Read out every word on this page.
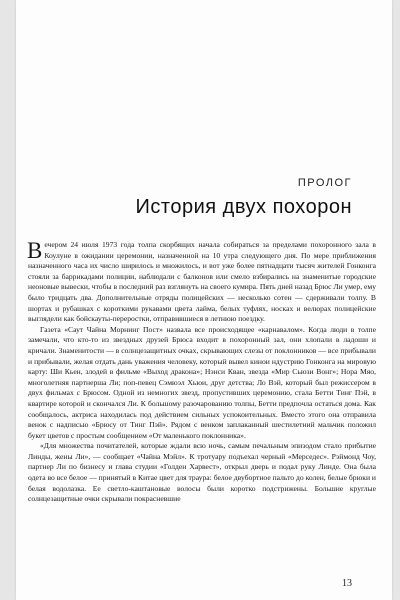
ПРОЛОГ
История двух похорон

Вечером 24 июля 1973 года толпа скорбящих начала собираться за пределами похоронного зала в Коулуне в ожидании церемонии, назначенной на 10 утра следующего дня. По мере приближения назначенного часа их число ширилось и множилось, и вот уже более пятнадцати тысяч жителей Гонконга стояли за баррикадами полиции, наблюдали с балконов или смело взбирались на знаменитые городские неоновые вывески, чтобы в последний раз взглянуть на своего кумира. Пять дней назад Брюс Ли умер, ему было тридцать два. Дополнительные отряды полицейских — несколько сотен — сдерживали толпу. В шортах и рубашках с короткими рукавами цвета лайма, белых туфлях, носках и велюрах полицейские выглядели как бойскауты-переростки, отправившиеся в летнюю поездку.

Газета «Саут Чайна Морнинг Пост» назвала все происходящее «карнавалом». Когда люди в толпе замечали, что кто-то из звездных друзей Брюса входит в похоронный зал, они хлопали в ладоши и кричали. Знаменитости — в солнцезащитных очках, скрывающих слезы от поклонников — все прибывали и прибывали, желая отдать дань уважения человеку, который вывел кинои ндустрию Гонконга на мировую карту: Ши Кьен, злодей в фильме «Выход дракона»; Нэнси Кван, звезда «Мир Сьюзи Вонг»; Нора Мяо, многолетняя партнерша Ли; поп-певец Сэмюэл Хьюи, друг детства; Ло Вэй, который был режиссером в двух фильмах с Брюсом. Одной из немногих звезд, пропустивших церемонию, стала Бетти Тинг Пэй, в квартире которой и скончался Ли. К большому разочарованию толпы, Бетти предпочла остаться дома. Как сообщалось, актриса находилась под действием сильных успокоительных. Вместо этого она отправила венок с надписью «Брюсу от Тинг Пэй». Рядом с венком заплаканный шестилетний мальчик положил букет цветов с простым сообщением «От маленького поклонника».

«Для множества почитателей, которые ждали всю ночь, самым печальным эпизодом стало прибытие Линды, жены Ли», — сообщает «Чайна Мэйл». К тротуару подъехал черный «Мерседес». Рэймонд Чоу, партнер Ли по бизнесу и глава студии «Голден Харвест», открыл дверь и подал руку Линде. Она была одета во все белое — принятый в Китае цвет для траура: белое двубортное пальто до колен, белые брюки и белая водолазка. Ее светло-каштановые волосы были коротко подстрижены. Большие круглые солнцезащитные очки скрывали покрасневшие

13
